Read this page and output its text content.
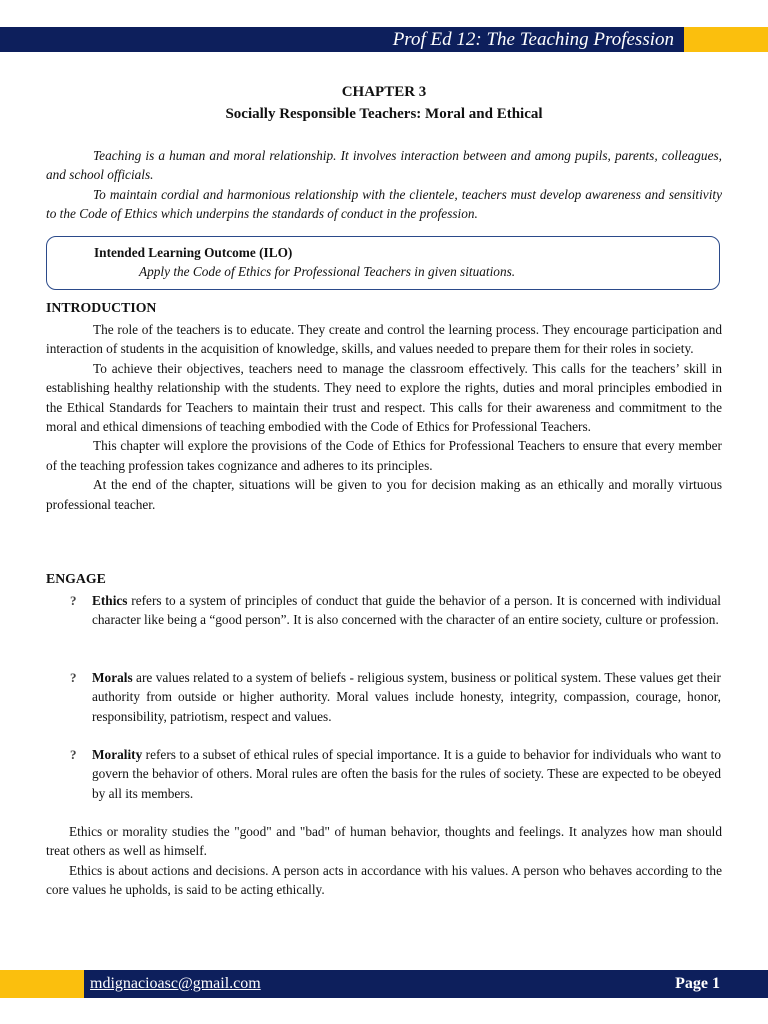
Prof Ed 12: The Teaching Profession
CHAPTER 3
Socially Responsible Teachers: Moral and Ethical

Teaching is a human and moral relationship. It involves interaction between and among pupils, parents, colleagues, and school officials.

To maintain cordial and harmonious relationship with the clientele, teachers must develop awareness and sensitivity to the Code of Ethics which underpins the standards of conduct in the profession.

Intended Learning Outcome (ILO)
Apply the Code of Ethics for Professional Teachers in given situations.
INTRODUCTION

The role of the teachers is to educate. They create and control the learning process. They encourage participation and interaction of students in the acquisition of knowledge, skills, and values needed to prepare them for their roles in society.

To achieve their objectives, teachers need to manage the classroom effectively. This calls for the teachers’ skill in establishing healthy relationship with the students. They need to explore the rights, duties and moral principles embodied in the Ethical Standards for Teachers to maintain their trust and respect. This calls for their awareness and commitment to the moral and ethical dimensions of teaching embodied with the Code of Ethics for Professional Teachers.

This chapter will explore the provisions of the Code of Ethics for Professional Teachers to ensure that every member of the teaching profession takes cognizance and adheres to its principles.

At the end of the chapter, situations will be given to you for decision making as an ethically and morally virtuous professional teacher.

ENGAGE
? Ethics refers to a system of principles of conduct that guide the behavior of a person. It is concerned with individual character like being a “good person”. It is also concerned with the character of an entire society, culture or profession.
? Morals are values related to a system of beliefs - religious system, business or political system. These values get their authority from outside or higher authority. Moral values include honesty, integrity, compassion, courage, honor, responsibility, patriotism, respect and values.
? Morality refers to a subset of ethical rules of special importance. It is a guide to behavior for individuals who want to govern the behavior of others. Moral rules are often the basis for the rules of society. These are expected to be obeyed by all its members.

Ethics or morality studies the "good" and "bad" of human behavior, thoughts and feelings. It analyzes how man should treat others as well as himself.

Ethics is about actions and decisions. A person acts in accordance with his values. A person who behaves according to the core values he upholds, is said to be acting ethically.

mdignacioasc@gmail.com	Page 1
